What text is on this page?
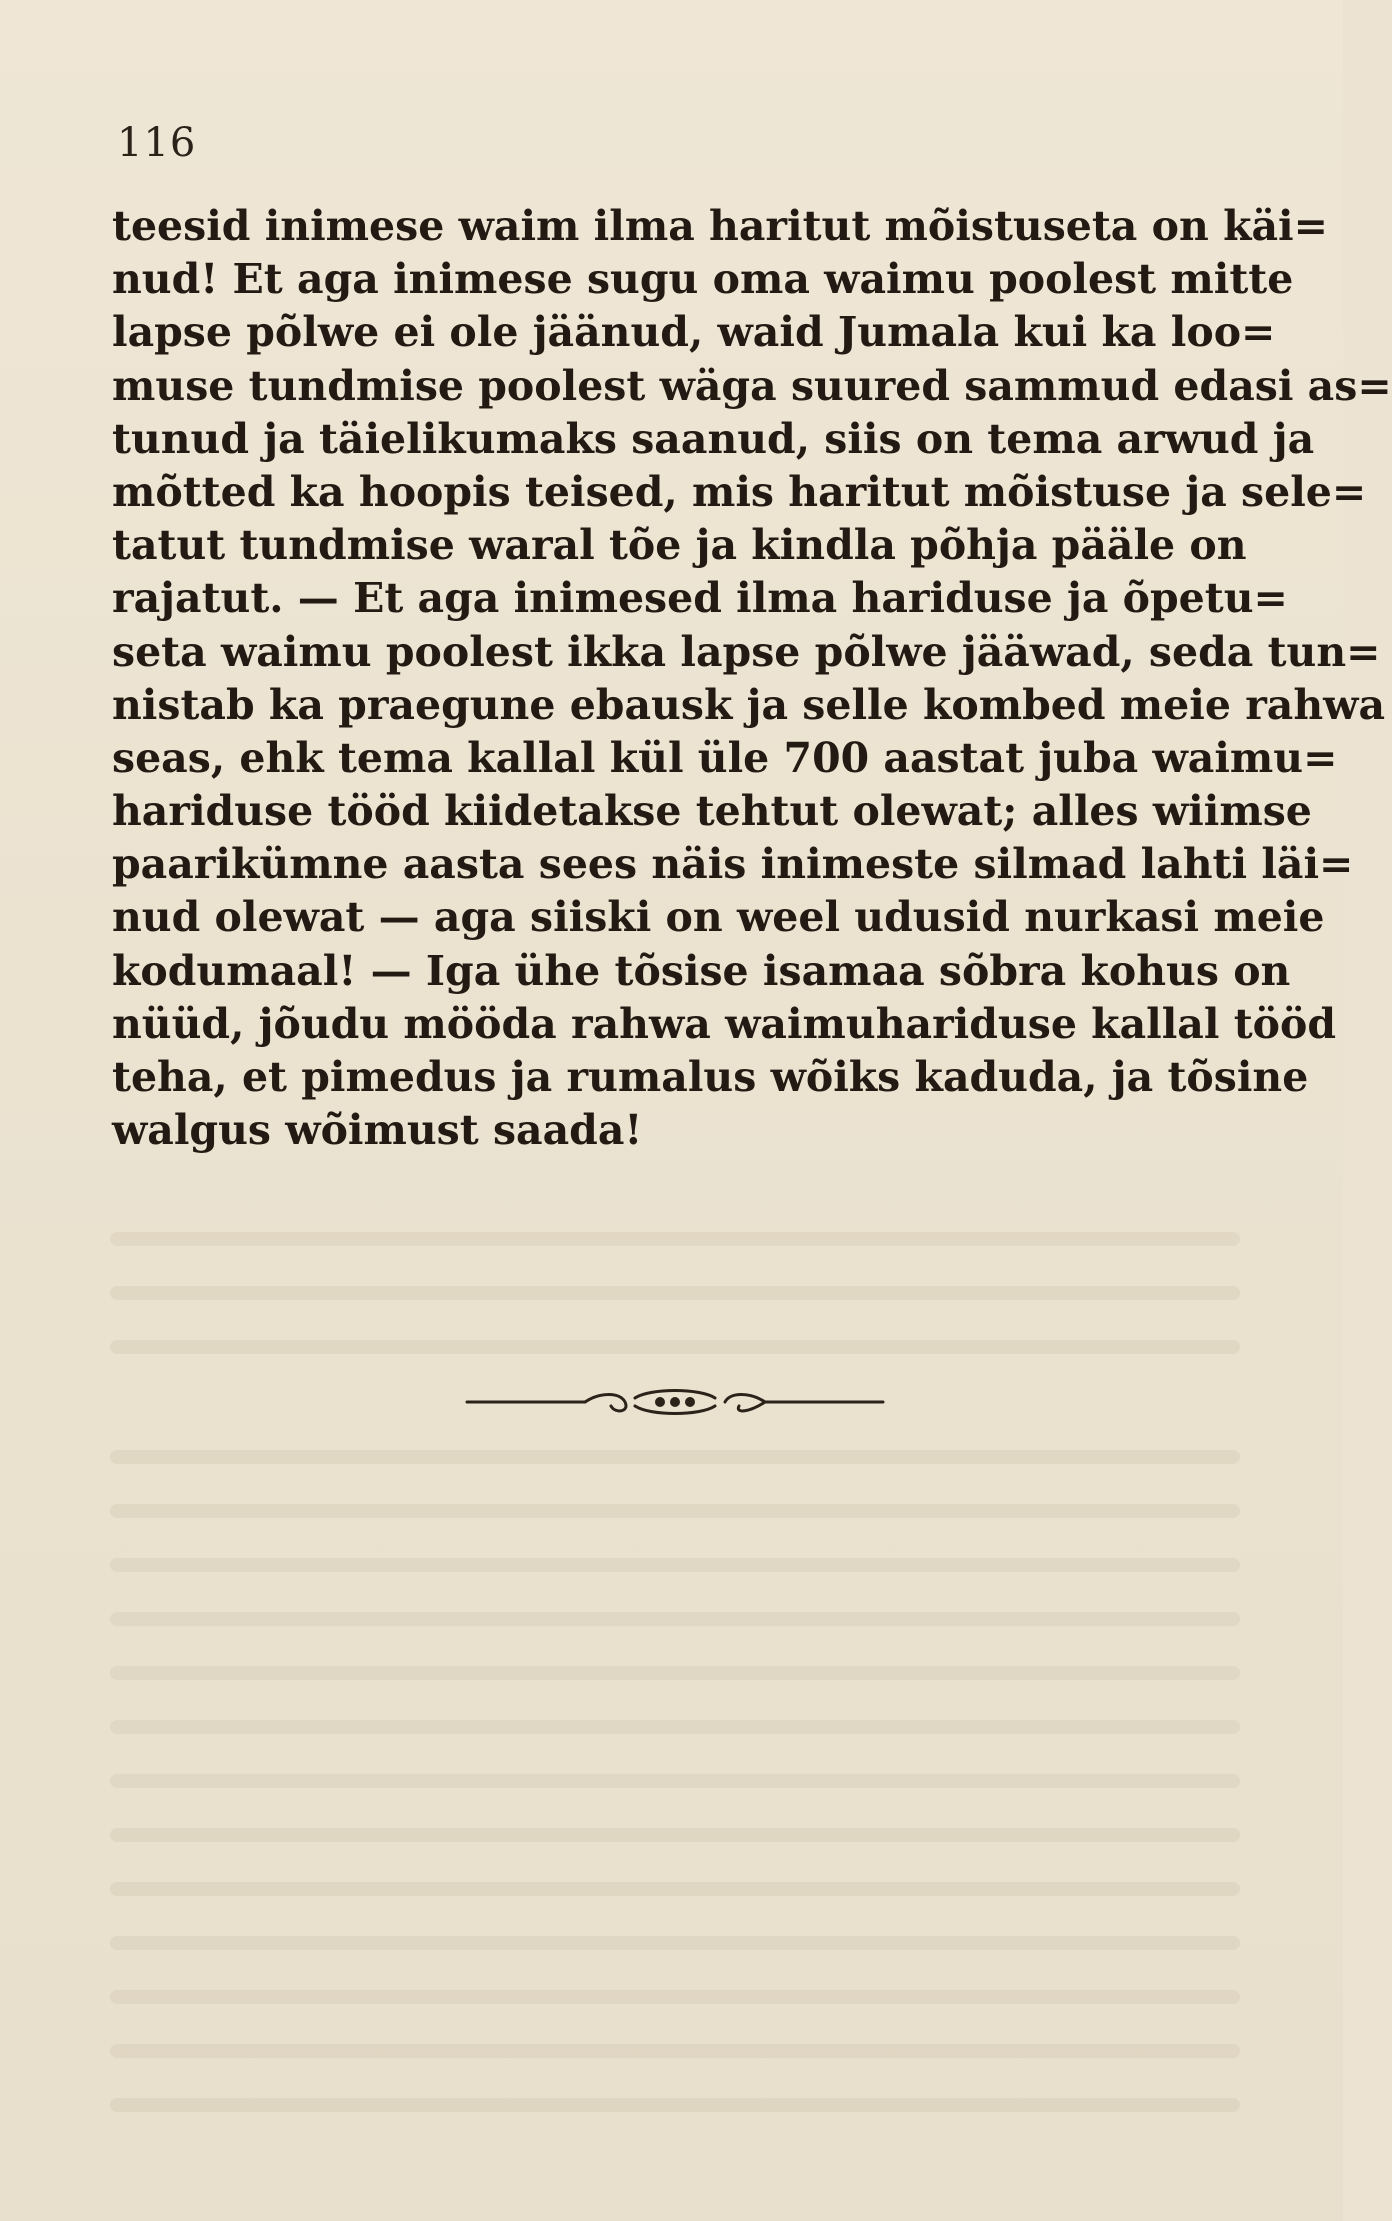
116
teesid inimese waim ilma haritut mõistuseta on käi=
nud! Et aga inimese sugu oma waimu poolest mitte
lapse põlwe ei ole jäänud, waid Jumala kui ka loo=
muse tundmise poolest wäga suured sammud edasi as=
tunud ja täielikumaks saanud, siis on tema arwud ja
mõtted ka hoopis teised, mis haritut mõistuse ja sele=
tatut tundmise waral tõe ja kindla põhja pääle on
rajatut. — Et aga inimesed ilma hariduse ja õpetu=
seta waimu poolest ikka lapse põlwe jääwad, seda tun=
nistab ka praegune ebausk ja selle kombed meie rahwa
seas, ehk tema kallal kül üle 700 aastat juba waimu=
hariduse tööd kiidetakse tehtut olewat; alles wiimse
paarikümne aasta sees näis inimeste silmad lahti läi=
nud olewat — aga siiski on weel udusid nurkasi meie
kodumaal! — Iga ühe tõsise isamaa sõbra kohus on
nüüd, jõudu mööda rahwa waimuhariduse kallal tööd
teha, et pimedus ja rumalus wõiks kaduda, ja tõsine
walgus wõimust saada!
